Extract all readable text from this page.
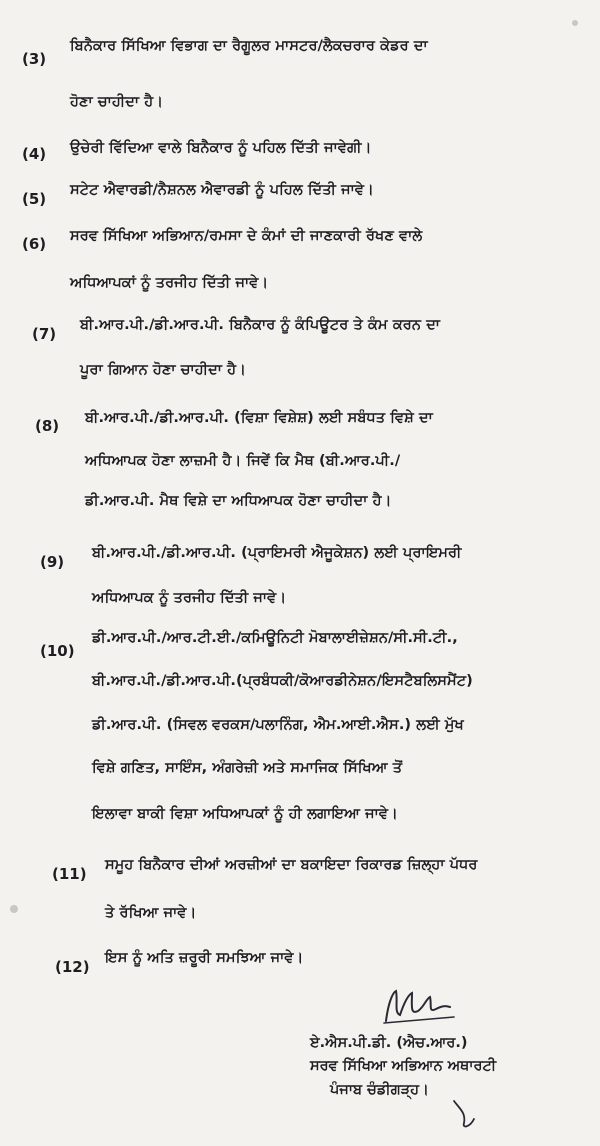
(3)
ਬਿਨੈਕਾਰ ਸਿੱਖਿਆ ਵਿਭਾਗ ਦਾ ਰੈਗੂਲਰ ਮਾਸਟਰ/ਲੈਕਚਰਾਰ ਕੇਡਰ ਦਾ
ਹੋਣਾ ਚਾਹੀਦਾ ਹੈ।
(4) ਉਚੇਰੀ ਵਿੱਦਿਆ ਵਾਲੇ ਬਿਨੈਕਾਰ ਨੂੰ ਪਹਿਲ ਦਿੱਤੀ ਜਾਵੇਗੀ।
(5) ਸਟੇਟ ਐਵਾਰਡੀ/ਨੈਸ਼ਨਲ ਐਵਾਰਡੀ ਨੂੰ ਪਹਿਲ ਦਿੱਤੀ ਜਾਵੇ।
(6) ਸਰਵ ਸਿੱਖਿਆ ਅਭਿਆਨ/ਰਮਸਾ ਦੇ ਕੰਮਾਂ ਦੀ ਜਾਣਕਾਰੀ ਰੱਖਣ ਵਾਲੇ
ਅਧਿਆਪਕਾਂ ਨੂੰ ਤਰਜੀਹ ਦਿੱਤੀ ਜਾਵੇ।
(7) ਬੀ.ਆਰ.ਪੀ./ਡੀ.ਆਰ.ਪੀ. ਬਿਨੈਕਾਰ ਨੂੰ ਕੰਪਿਊਟਰ ਤੇ ਕੰਮ ਕਰਨ ਦਾ
ਪੂਰਾ ਗਿਆਨ ਹੋਣਾ ਚਾਹੀਦਾ ਹੈ।
(8) ਬੀ.ਆਰ.ਪੀ./ਡੀ.ਆਰ.ਪੀ. (ਵਿਸ਼ਾ ਵਿਸ਼ੇਸ਼) ਲਈ ਸਬੰਧਤ ਵਿਸ਼ੇ ਦਾ
ਅਧਿਆਪਕ ਹੋਣਾ ਲਾਜ਼ਮੀ ਹੈ। ਜਿਵੇਂ ਕਿ ਮੈਥ (ਬੀ.ਆਰ.ਪੀ./
ਡੀ.ਆਰ.ਪੀ. ਮੈਥ ਵਿਸ਼ੇ ਦਾ ਅਧਿਆਪਕ ਹੋਣਾ ਚਾਹੀਦਾ ਹੈ।
(9) ਬੀ.ਆਰ.ਪੀ./ਡੀ.ਆਰ.ਪੀ. (ਪ੍ਰਾਇਮਰੀ ਐਜੂਕੇਸ਼ਨ) ਲਈ ਪ੍ਰਾਇਮਰੀ
ਅਧਿਆਪਕ ਨੂੰ ਤਰਜੀਹ ਦਿੱਤੀ ਜਾਵੇ।
(10)
ਡੀ.ਆਰ.ਪੀ./ਆਰ.ਟੀ.ਈ./ਕਮਿਊਨਿਟੀ ਮੋਬਾਲਾਈਜ਼ੇਸ਼ਨ/ਸੀ.ਸੀ.ਟੀ.,
ਬੀ.ਆਰ.ਪੀ./ਡੀ.ਆਰ.ਪੀ.(ਪ੍ਰਬੰਧਕੀ/ਕੋਆਰਡੀਨੇਸ਼ਨ/ਇਸਟੈਬਲਿਸਮੈਂਟ)
ਡੀ.ਆਰ.ਪੀ. (ਸਿਵਲ ਵਰਕਸ/ਪਲਾਨਿੰਗ, ਐਮ.ਆਈ.ਐਸ.) ਲਈ ਮੁੱਖ
ਵਿਸ਼ੇ ਗਣਿਤ, ਸਾਇੰਸ, ਅੰਗਰੇਜ਼ੀ ਅਤੇ ਸਮਾਜਿਕ ਸਿੱਖਿਆ ਤੋਂ
ਇਲਾਵਾ ਬਾਕੀ ਵਿਸ਼ਾ ਅਧਿਆਪਕਾਂ ਨੂੰ ਹੀ ਲਗਾਇਆ ਜਾਵੇ।
(11) ਸਮੂਹ ਬਿਨੈਕਾਰ ਦੀਆਂ ਅਰਜ਼ੀਆਂ ਦਾ ਬਕਾਇਦਾ ਰਿਕਾਰਡ ਜ਼ਿਲ੍ਹਾ ਪੱਧਰ
ਤੇ ਰੱਖਿਆ ਜਾਵੇ।
(12) ਇਸ ਨੂੰ ਅਤਿ ਜ਼ਰੂਰੀ ਸਮਝਿਆ ਜਾਵੇ।
ਏ.ਐਸ.ਪੀ.ਡੀ. (ਐਚ.ਆਰ.)
ਸਰਵ ਸਿੱਖਿਆ ਅਭਿਆਨ ਅਥਾਰਟੀ
ਪੰਜਾਬ ਚੰਡੀਗੜ੍ਹ।
